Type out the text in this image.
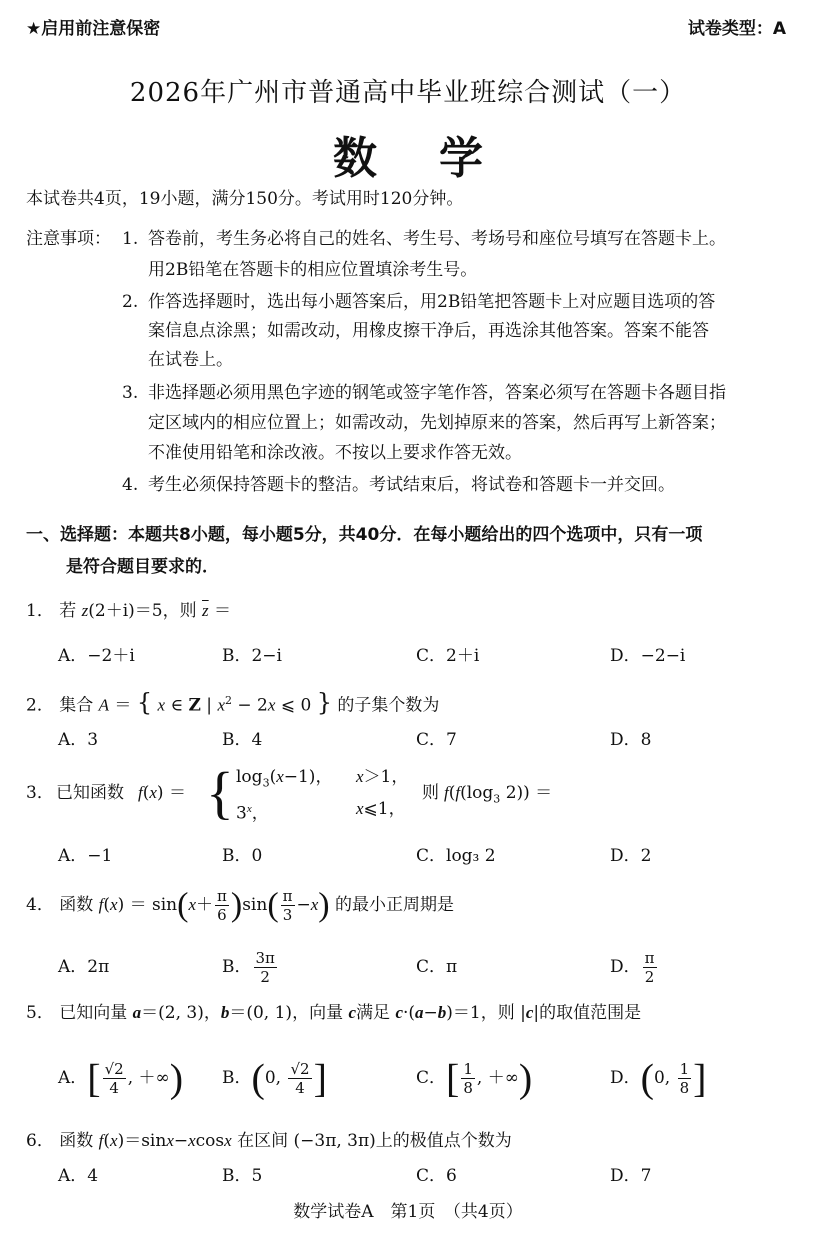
★启用前注意保密	试卷类型：A
2026年广州市普通高中毕业班综合测试（一）
数学
本试卷共4页，19小题，满分150分。考试用时120分钟。
注意事项： 1. 答卷前，考生务必将自己的姓名、考生号、考场号和座位号填写在答题卡上。
用2B铅笔在答题卡的相应位置填涂考生号。
2. 作答选择题时，选出每小题答案后，用2B铅笔把答题卡上对应题目选项的答
案信息点涂黑；如需改动，用橡皮擦干净后，再选涂其他答案。答案不能答
在试卷上。
3. 非选择题必须用黑色字迹的钢笔或签字笔作答，答案必须写在答题卡各题目指
定区域内的相应位置上；如需改动，先划掉原来的答案，然后再写上新答案；
不准使用铅笔和涂改液。不按以上要求作答无效。
4. 考生必须保持答题卡的整洁。考试结束后，将试卷和答题卡一并交回。
一、选择题：本题共8小题，每小题5分，共40分．在每小题给出的四个选项中，只有一项
是符合题目要求的．
1． 若 z(2＋i)＝5，则 $\overline{z}$ ＝
A．−2＋i	B．2−i	C．2＋i	D．−2−i
2． 集合 A ＝ { x ∈ Z | $x^2 - 2x$ ⩽ 0 } 的子集个数为
A．3	B．4	C．7	D．8
3． 已知函数 f(x) ＝ { $\log_3(x-1)$， x＞1，
3$^x$，	x⩽1，
则 $f(f(\log_3$ 2)) ＝
A．−1	B．0	C．log₃ 2	D．2
4． 函数 $f(x) = \sin(x+ \frac{\pi}{6} )\sin( \frac{\pi}{3} -x)$ 的最小正周期是
A．2π	B． $\frac{3\pi}{2}$	C．π	D． $\frac{\pi}{2}$
5． 已知向量 a＝(2, 3)，b＝(0, 1)，向量 c满足 c·(a−b)＝1，则 |c|的取值范围是
A．[ $\frac{√2}{4}$ , ＋∞) B．(0, $\frac{√2}{4}$ ]	C．[ $\frac{1}{8}$ , ＋∞)	D．(0, $\frac{1}{8}$ ]
6． 函数 f(x)＝sinx−xcosx 在区间 (−3π, 3π)上的极值点个数为
A．4	B．5	C．6	D．7
数学试卷A　第1页　（共4页）
